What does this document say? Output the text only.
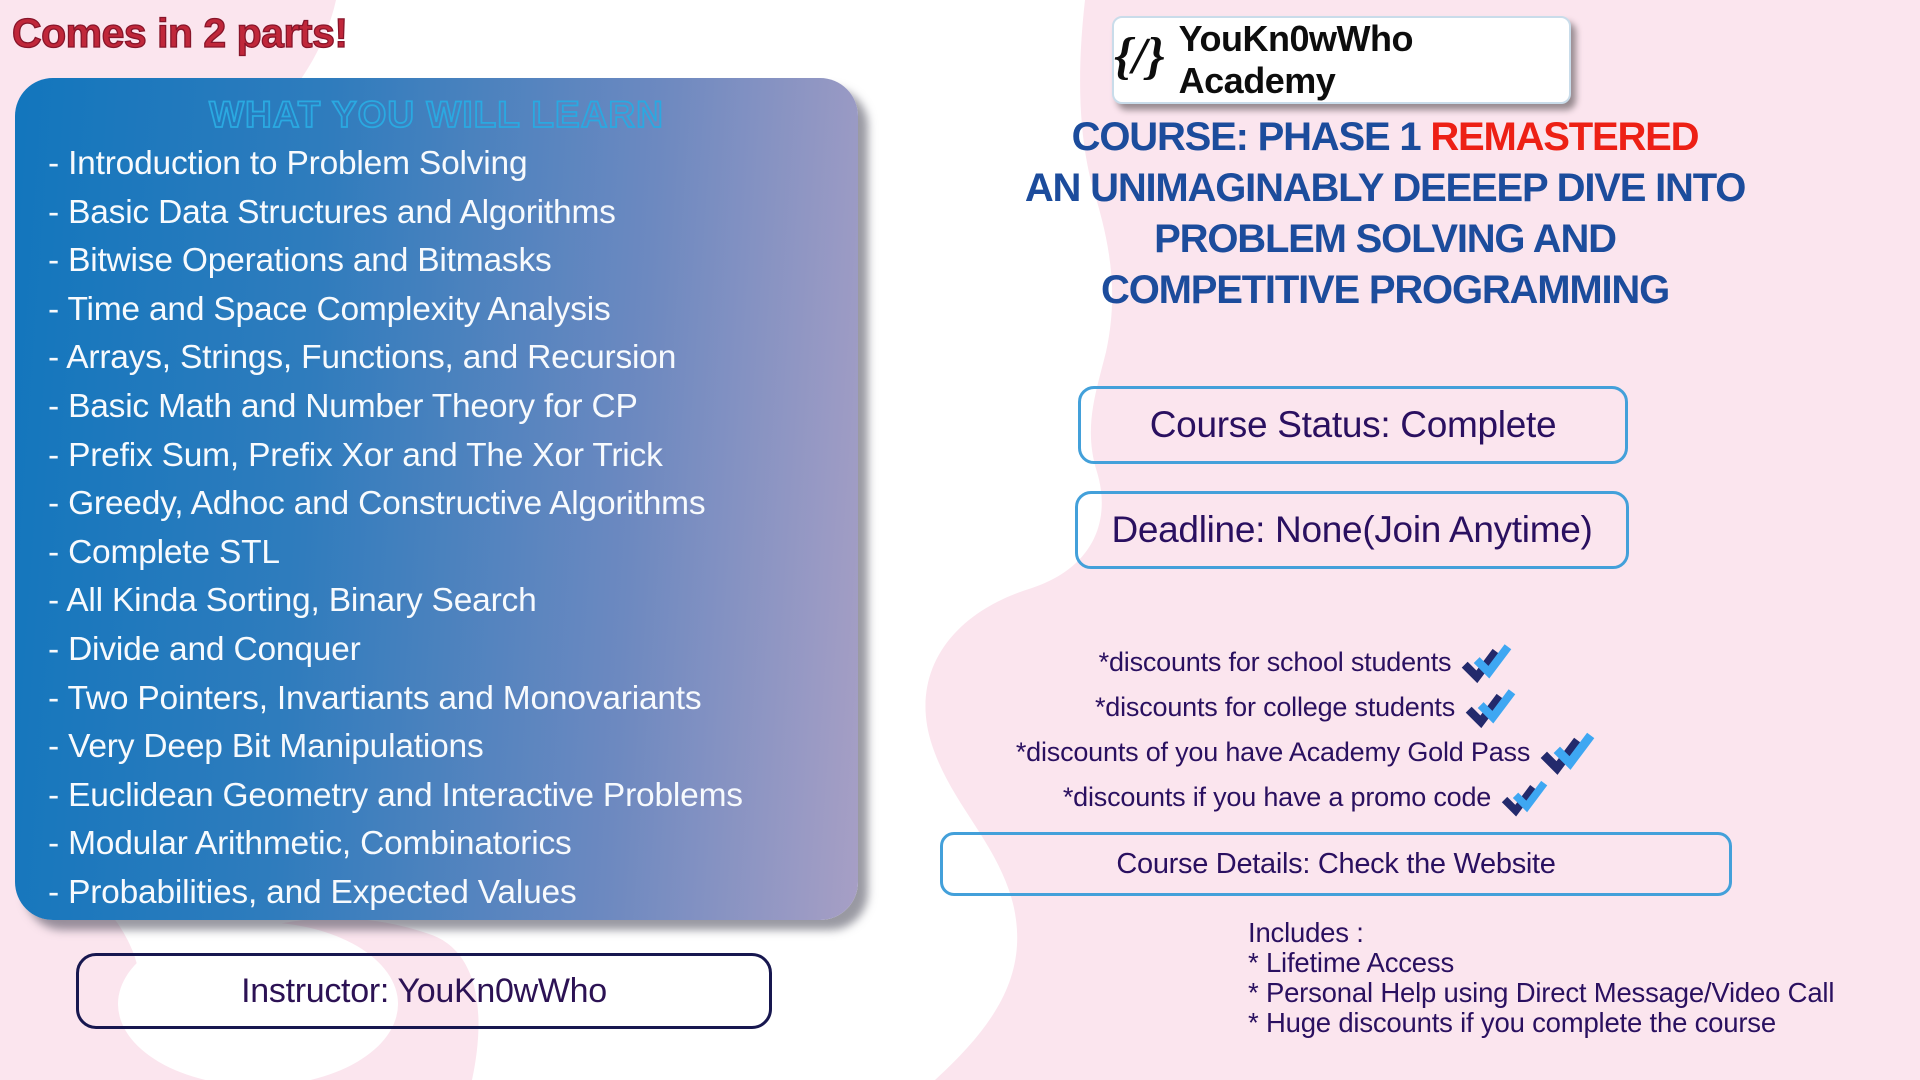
Comes in 2 parts!
WHAT YOU WILL LEARN
- Introduction to Problem Solving
- Basic Data Structures and Algorithms
- Bitwise Operations and Bitmasks
- Time and Space Complexity Analysis
- Arrays, Strings, Functions, and Recursion
- Basic Math and Number Theory for CP
- Prefix Sum, Prefix Xor and The Xor Trick
- Greedy, Adhoc and Constructive Algorithms
- Complete STL
- All Kinda Sorting, Binary Search
- Divide and Conquer
- Two Pointers, Invartiants and Monovariants
- Very Deep Bit Manipulations
- Euclidean Geometry and Interactive Problems
- Modular Arithmetic, Combinatorics
- Probabilities, and Expected Values
Instructor: YouKn0wWho
{/} YouKn0wWho Academy
COURSE: PHASE 1 REMASTERED
AN UNIMAGINABLY DEEEEP DIVE INTO
PROBLEM SOLVING AND
COMPETITIVE PROGRAMMING
Course Status: Complete
Deadline: None(Join Anytime)
*discounts for school students
*discounts for college students
*discounts of you have Academy Gold Pass
*discounts if you have a promo code
Course Details: Check the Website
Includes :
* Lifetime Access
* Personal Help using Direct Message/Video Call
* Huge discounts if you complete the course
